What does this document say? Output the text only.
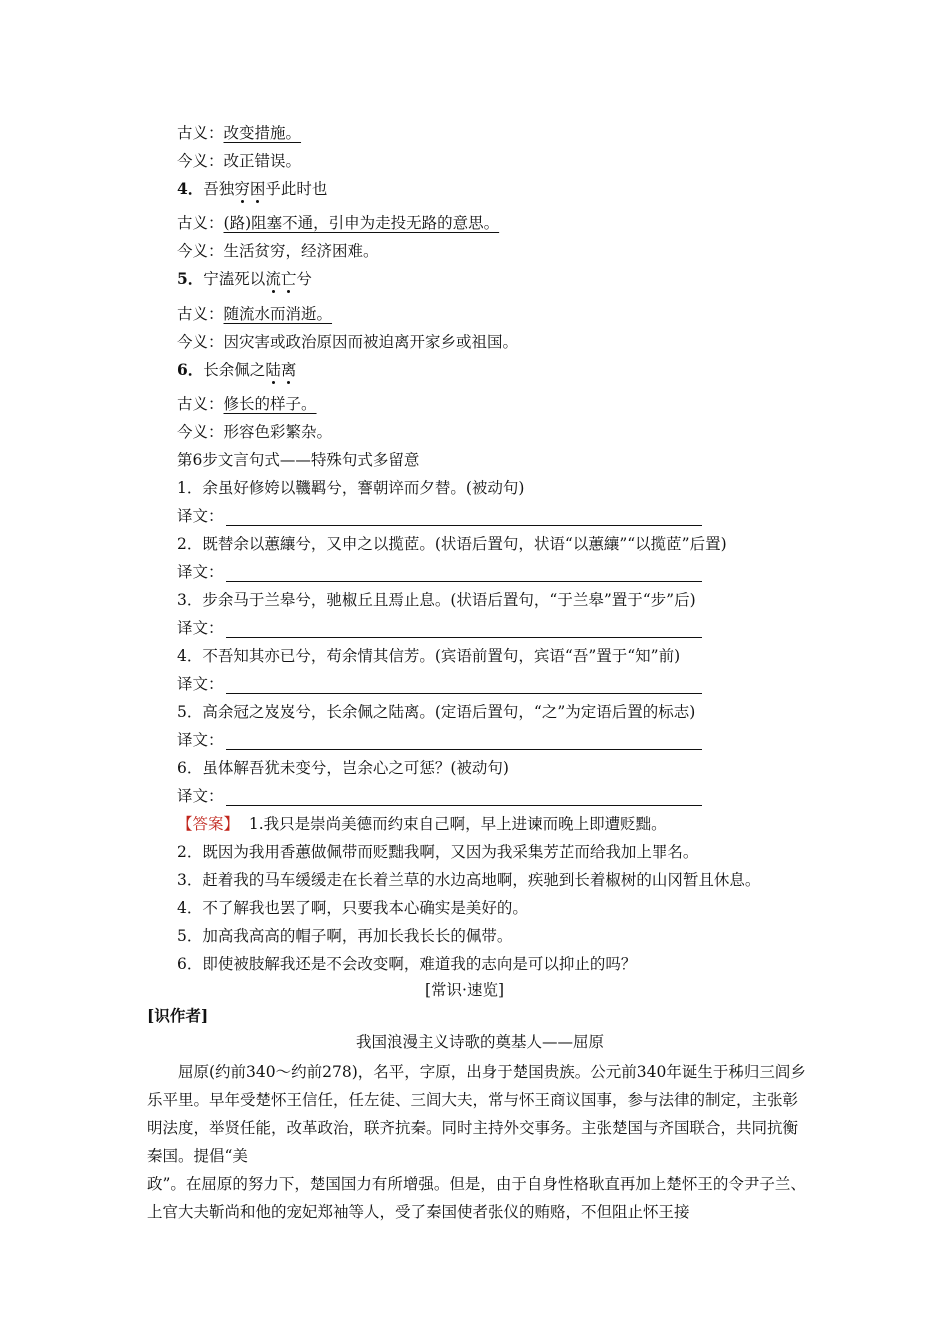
古义：改变措施。
今义：改正错误。
4．吾独穷困乎此时也
古义：(路)阻塞不通，引申为走投无路的意思。
今义：生活贫穷，经济困难。
5．宁溘死以流亡兮
古义：随流水而消逝。
今义：因灾害或政治原因而被迫离开家乡或祖国。
6．长余佩之陆离
古义：修长的样子。
今义：形容色彩繁杂。
第6步文言句式——特殊句式多留意
1．余虽好修姱以鞿羁兮，謇朝谇而夕替。(被动句)
译文：
2．既替余以蕙纕兮，又申之以揽茝。(状语后置句，状语“以蕙纕”“以揽茝”后置)
译文：
3．步余马于兰皋兮，驰椒丘且焉止息。(状语后置句，“于兰皋”置于“步”后)
译文：
4．不吾知其亦已兮，苟余情其信芳。(宾语前置句，宾语“吾”置于“知”前)
译文：
5．高余冠之岌岌兮，长余佩之陆离。(定语后置句，“之”为定语后置的标志)
译文：
6．虽体解吾犹未变兮，岂余心之可惩？(被动句)
译文：
【答案】 1.我只是崇尚美德而约束自己啊，早上进谏而晚上即遭贬黜。
2．既因为我用香蕙做佩带而贬黜我啊，又因为我采集芳芷而给我加上罪名。
3．赶着我的马车缓缓走在长着兰草的水边高地啊，疾驰到长着椒树的山冈暂且休息。
4．不了解我也罢了啊，只要我本心确实是美好的。
5．加高我高高的帽子啊，再加长我长长的佩带。
6．即使被肢解我还是不会改变啊，难道我的志向是可以抑止的吗？
[常识·速览]
[识作者]
我国浪漫主义诗歌的奠基人——屈原

屈原(约前340～约前278)，名平，字原，出身于楚国贵族。公元前340年诞生于秭归三闾乡乐平里。早年受楚怀王信任，任左徒、三闾大夫，常与怀王商议国事，参与法律的制定，主张彰明法度，举贤任能，改革政治，联齐抗秦。同时主持外交事务。主张楚国与齐国联合，共同抗衡秦国。提倡“美

政”。在屈原的努力下，楚国国力有所增强。但是，由于自身性格耿直再加上楚怀王的令尹子兰、上官大夫靳尚和他的宠妃郑袖等人，受了秦国使者张仪的贿赂，不但阻止怀王接
